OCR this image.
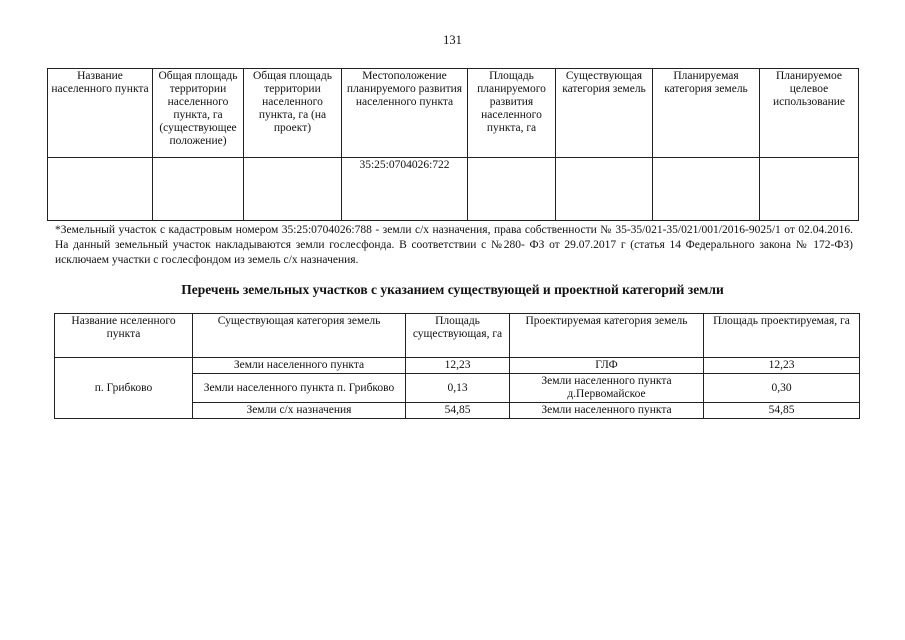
131
Название населенного пункта	Общая площадь территории населенного пункта, га (существующее положение)	Общая площадь территории населенного пункта, га (на проект)	Местоположение планируемого развития населенного пункта	Площадь планируемого развития населенного пункта, га	Существующая категория земель	Планируемая категория земель	Планируемое целевое использование
			35:25:0704026:722				
*Земельный участок с кадастровым номером 35:25:0704026:788 - земли с/х назначения, права собственности № 35-35/021-35/021/001/2016-9025/1 от 02.04.2016. На данный земельный участок накладываются земли гослесфонда. В соответствии с №280- ФЗ от 29.07.2017 г (статья 14 Федерального закона № 172-ФЗ) исключаем участки с гослесфондом из земель с/х назначения.
Перечень земельных участков с указанием существующей и проектной категорий земли
Название нселенного пункта	Существующая категория земель	Площадь существующая, га	Проектируемая категория земель	Площадь проектируемая, га
п. Грибково	Земли населенного пункта	12,23	ГЛФ	12,23
	Земли населенного пункта п. Грибково	0,13	Земли населенного пункта д.Первомайское	0,30
	Земли с/х назначения	54,85	Земли населенного пункта	54,85
